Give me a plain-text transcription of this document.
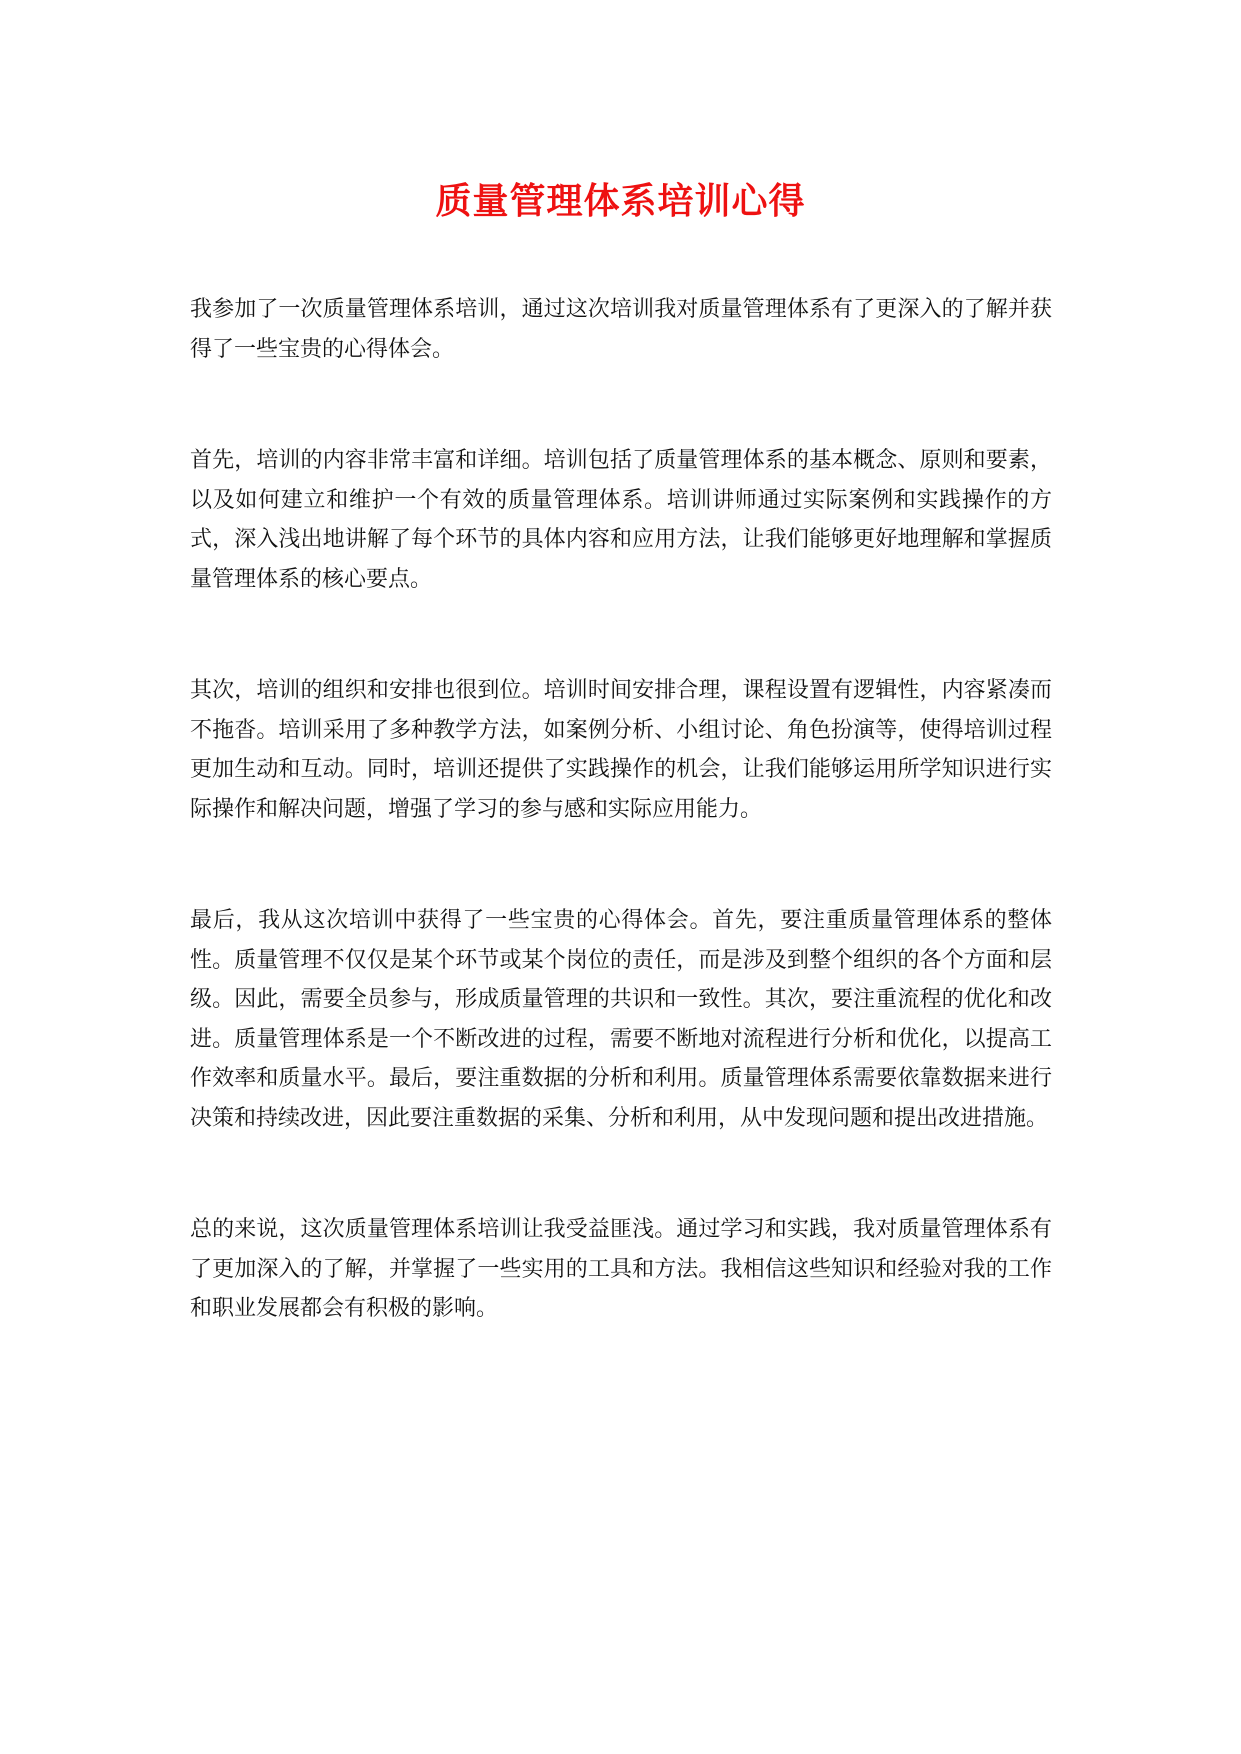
质量管理体系培训心得

我参加了一次质量管理体系培训，通过这次培训我对质量管理体系有了更深入的了解并获得了一些宝贵的心得体会。

首先，培训的内容非常丰富和详细。培训包括了质量管理体系的基本概念、原则和要素，以及如何建立和维护一个有效的质量管理体系。培训讲师通过实际案例和实践操作的方式，深入浅出地讲解了每个环节的具体内容和应用方法，让我们能够更好地理解和掌握质量管理体系的核心要点。

其次，培训的组织和安排也很到位。培训时间安排合理，课程设置有逻辑性，内容紧凑而不拖沓。培训采用了多种教学方法，如案例分析、小组讨论、角色扮演等，使得培训过程更加生动和互动。同时，培训还提供了实践操作的机会，让我们能够运用所学知识进行实际操作和解决问题，增强了学习的参与感和实际应用能力。

最后，我从这次培训中获得了一些宝贵的心得体会。首先，要注重质量管理体系的整体性。质量管理不仅仅是某个环节或某个岗位的责任，而是涉及到整个组织的各个方面和层级。因此，需要全员参与，形成质量管理的共识和一致性。其次，要注重流程的优化和改进。质量管理体系是一个不断改进的过程，需要不断地对流程进行分析和优化，以提高工作效率和质量水平。最后，要注重数据的分析和利用。质量管理体系需要依靠数据来进行决策和持续改进，因此要注重数据的采集、分析和利用，从中发现问题和提出改进措施。

总的来说，这次质量管理体系培训让我受益匪浅。通过学习和实践，我对质量管理体系有了更加深入的了解，并掌握了一些实用的工具和方法。我相信这些知识和经验对我的工作和职业发展都会有积极的影响。
